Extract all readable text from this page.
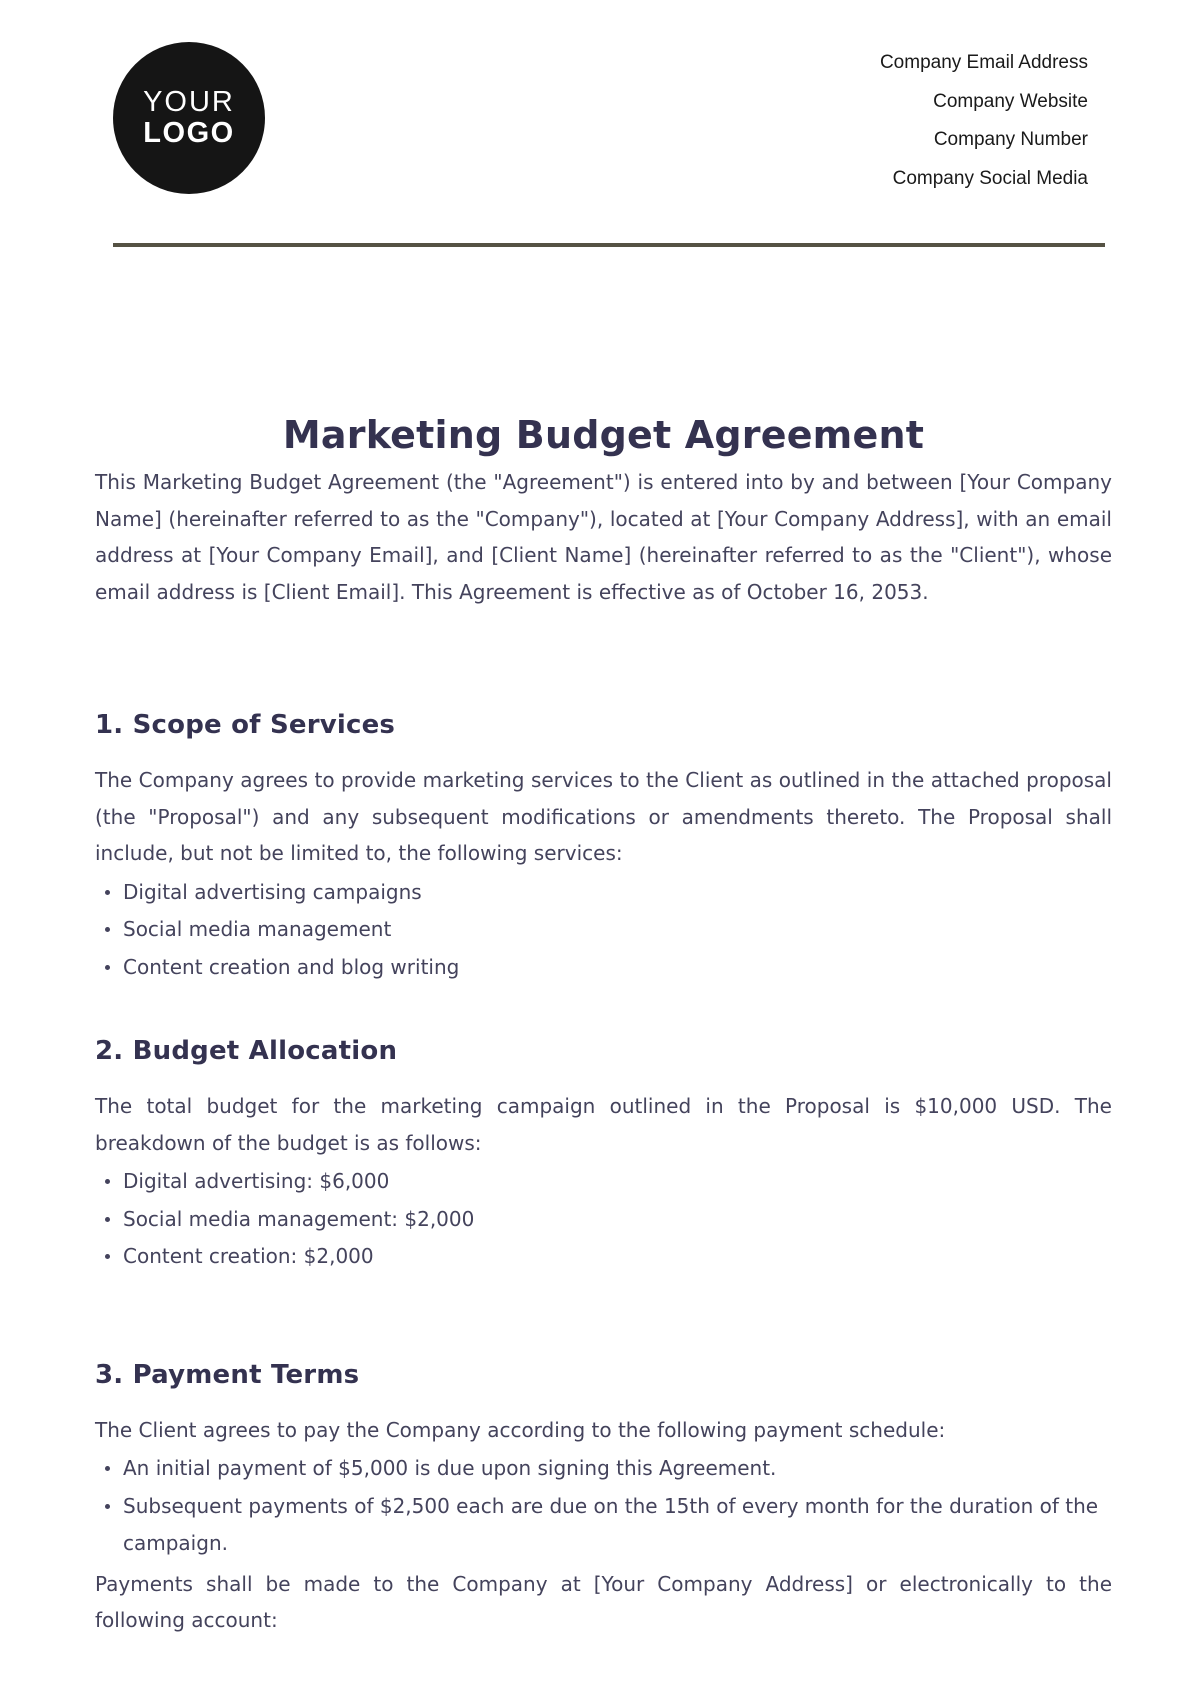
YOUR
LOGO
Company Email Address
Company Website
Company Number
Company Social Media
Marketing Budget Agreement

This Marketing Budget Agreement (the "Agreement") is entered into by and between [Your Company Name] (hereinafter referred to as the "Company"), located at [Your Company Address], with an email address at [Your Company Email], and [Client Name] (hereinafter referred to as the "Client"), whose email address is [Client Email]. This Agreement is effective as of October 16, 2053.

1. Scope of Services

The Company agrees to provide marketing services to the Client as outlined in the attached proposal (the "Proposal") and any subsequent modifications or amendments thereto. The Proposal shall include, but not be limited to, the following services:

Digital advertising campaigns
Social media management
Content creation and blog writing
2. Budget Allocation

The total budget for the marketing campaign outlined in the Proposal is $10,000 USD. The breakdown of the budget is as follows:

Digital advertising: $6,000
Social media management: $2,000
Content creation: $2,000
3. Payment Terms

The Client agrees to pay the Company according to the following payment schedule:

An initial payment of $5,000 is due upon signing this Agreement.
Subsequent payments of $2,500 each are due on the 15th of every month for the duration of the campaign.

Payments shall be made to the Company at [Your Company Address] or electronically to the following account:
